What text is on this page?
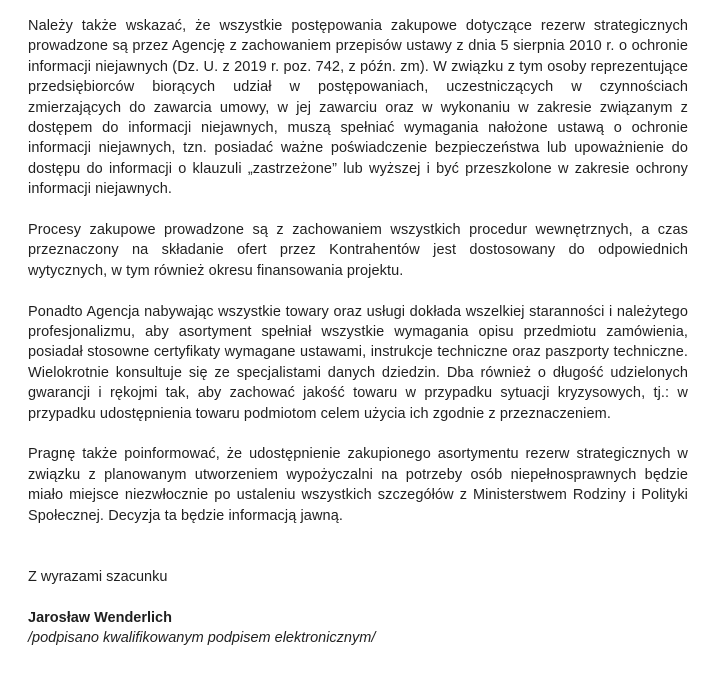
Należy także wskazać, że wszystkie postępowania zakupowe dotyczące rezerw strategicznych prowadzone są przez Agencję z zachowaniem przepisów ustawy z dnia 5 sierpnia 2010 r. o ochronie informacji niejawnych (Dz. U. z 2019 r. poz. 742, z późn. zm). W związku z tym osoby reprezentujące przedsiębiorców biorących udział w postępowaniach, uczestniczących w czynnościach zmierzających do zawarcia umowy, w jej zawarciu oraz w wykonaniu w zakresie związanym z dostępem do informacji niejawnych, muszą spełniać wymagania nałożone ustawą o ochronie informacji niejawnych, tzn. posiadać ważne poświadczenie bezpieczeństwa lub upoważnienie do dostępu do informacji o klauzuli „zastrzeżone” lub wyższej i być przeszkolone w zakresie ochrony informacji niejawnych.

Procesy zakupowe prowadzone są z zachowaniem wszystkich procedur wewnętrznych, a czas przeznaczony na składanie ofert przez Kontrahentów jest dostosowany do odpowiednich wytycznych, w tym również okresu finansowania projektu.

Ponadto Agencja nabywając wszystkie towary oraz usługi dokłada wszelkiej staranności i należytego profesjonalizmu, aby asortyment spełniał wszystkie wymagania opisu przedmiotu zamówienia, posiadał stosowne certyfikaty wymagane ustawami, instrukcje techniczne oraz paszporty techniczne. Wielokrotnie konsultuje się ze specjalistami danych dziedzin. Dba również o długość udzielonych gwarancji i rękojmi tak, aby zachować jakość towaru w przypadku sytuacji kryzysowych, tj.: w przypadku udostępnienia towaru podmiotom celem użycia ich zgodnie z przeznaczeniem.

Pragnę także poinformować, że udostępnienie zakupionego asortymentu rezerw strategicznych w związku z planowanym utworzeniem wypożyczalni na potrzeby osób niepełnosprawnych będzie miało miejsce niezwłocznie po ustaleniu wszystkich szczegółów z Ministerstwem Rodziny i Polityki Społecznej. Decyzja ta będzie informacją jawną.

Z wyrazami szacunku

Jarosław Wenderlich

/podpisano kwalifikowanym podpisem elektronicznym/
